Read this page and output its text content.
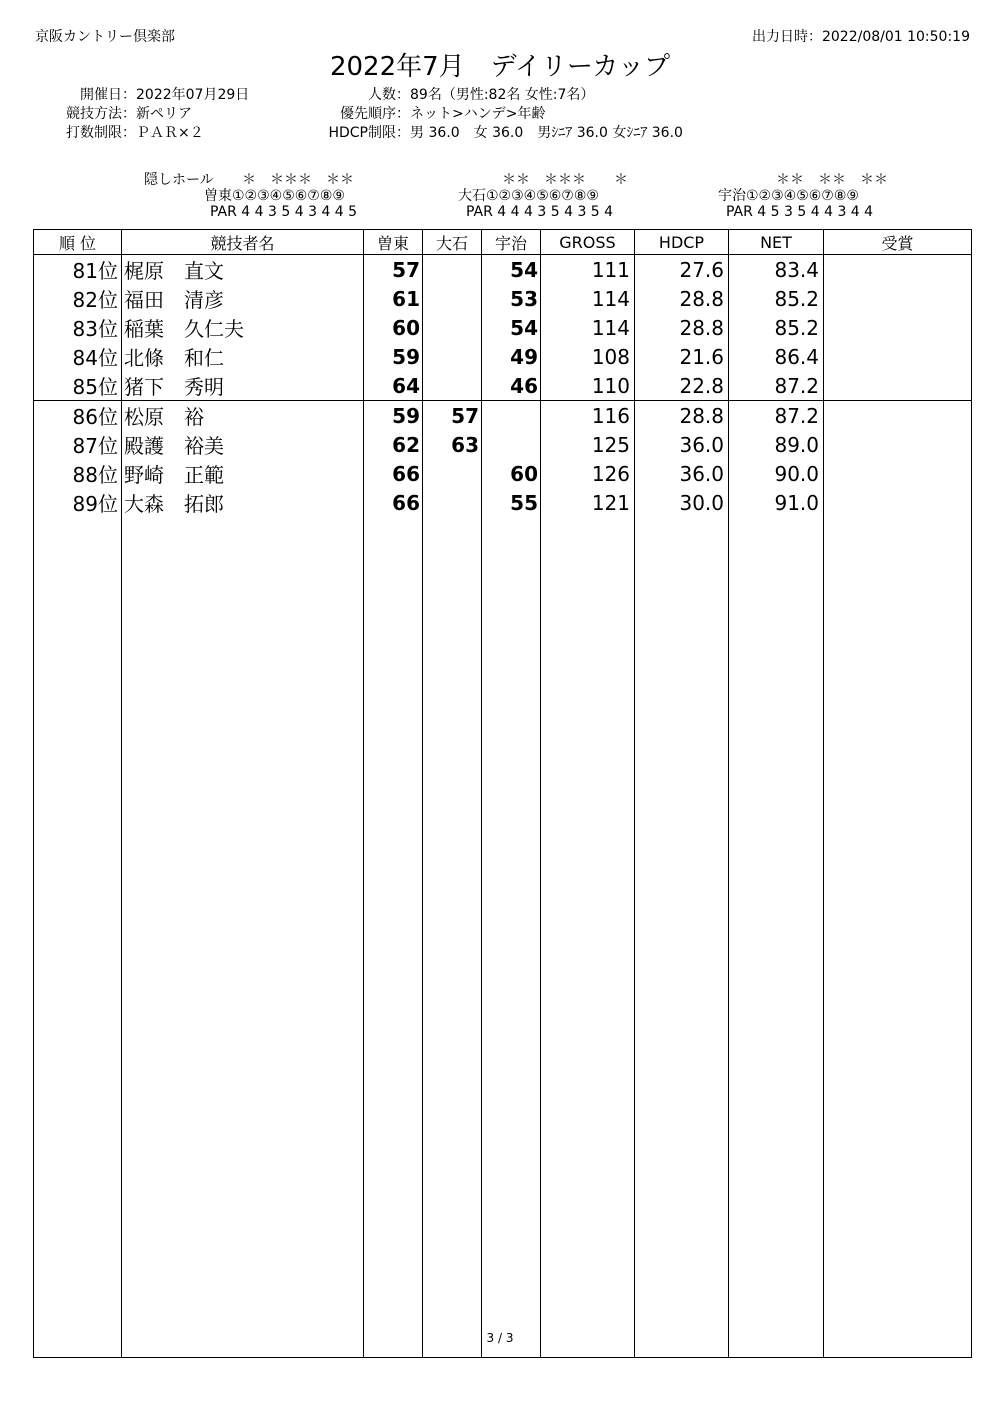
京阪カントリー倶楽部	出力日時：2022/08/01 10:50:19
2022年7月　デイリーカップ
開催日：2022年07月29日
競技方法：新ペリア
打数制限：ＰＡＲ×２
人数：89名（男性:82名 女性:7名）
優先順序：ネット>ハンデ>年齢
HDCP制限：男 36.0　女 36.0　男ｼﾆｱ 36.0 女ｼﾆｱ 36.0
隠しホール	＊　＊＊＊　＊＊
曽東①②③④⑤⑥⑦⑧⑨
PAR 4 4 3 5 4 3 4 4 5
＊＊　＊＊＊　　＊
大石①②③④⑤⑥⑦⑧⑨
PAR 4 4 4 3 5 4 3 5 4
＊＊　＊＊　＊＊
宇治①②③④⑤⑥⑦⑧⑨
PAR 4 5 3 5 4 4 3 4 4
順 位	競技者名	曽東	大石	宇治	GROSS	HDCP	NET	受賞
81位	梶原　直文	57		54	111	27.6	83.4	
82位	福田　清彦	61		53	114	28.8	85.2	
83位	稲葉　久仁夫	60		54	114	28.8	85.2	
84位	北條　和仁	59		49	108	21.6	86.4	
85位	猪下　秀明	64		46	110	22.8	87.2	
86位	松原　裕	59	57		116	28.8	87.2	
87位	殿護　裕美	62	63		125	36.0	89.0	
88位	野崎　正範	66		60	126	36.0	90.0	
89位	大森　拓郎	66		55	121	30.0	91.0	

3 / 3
